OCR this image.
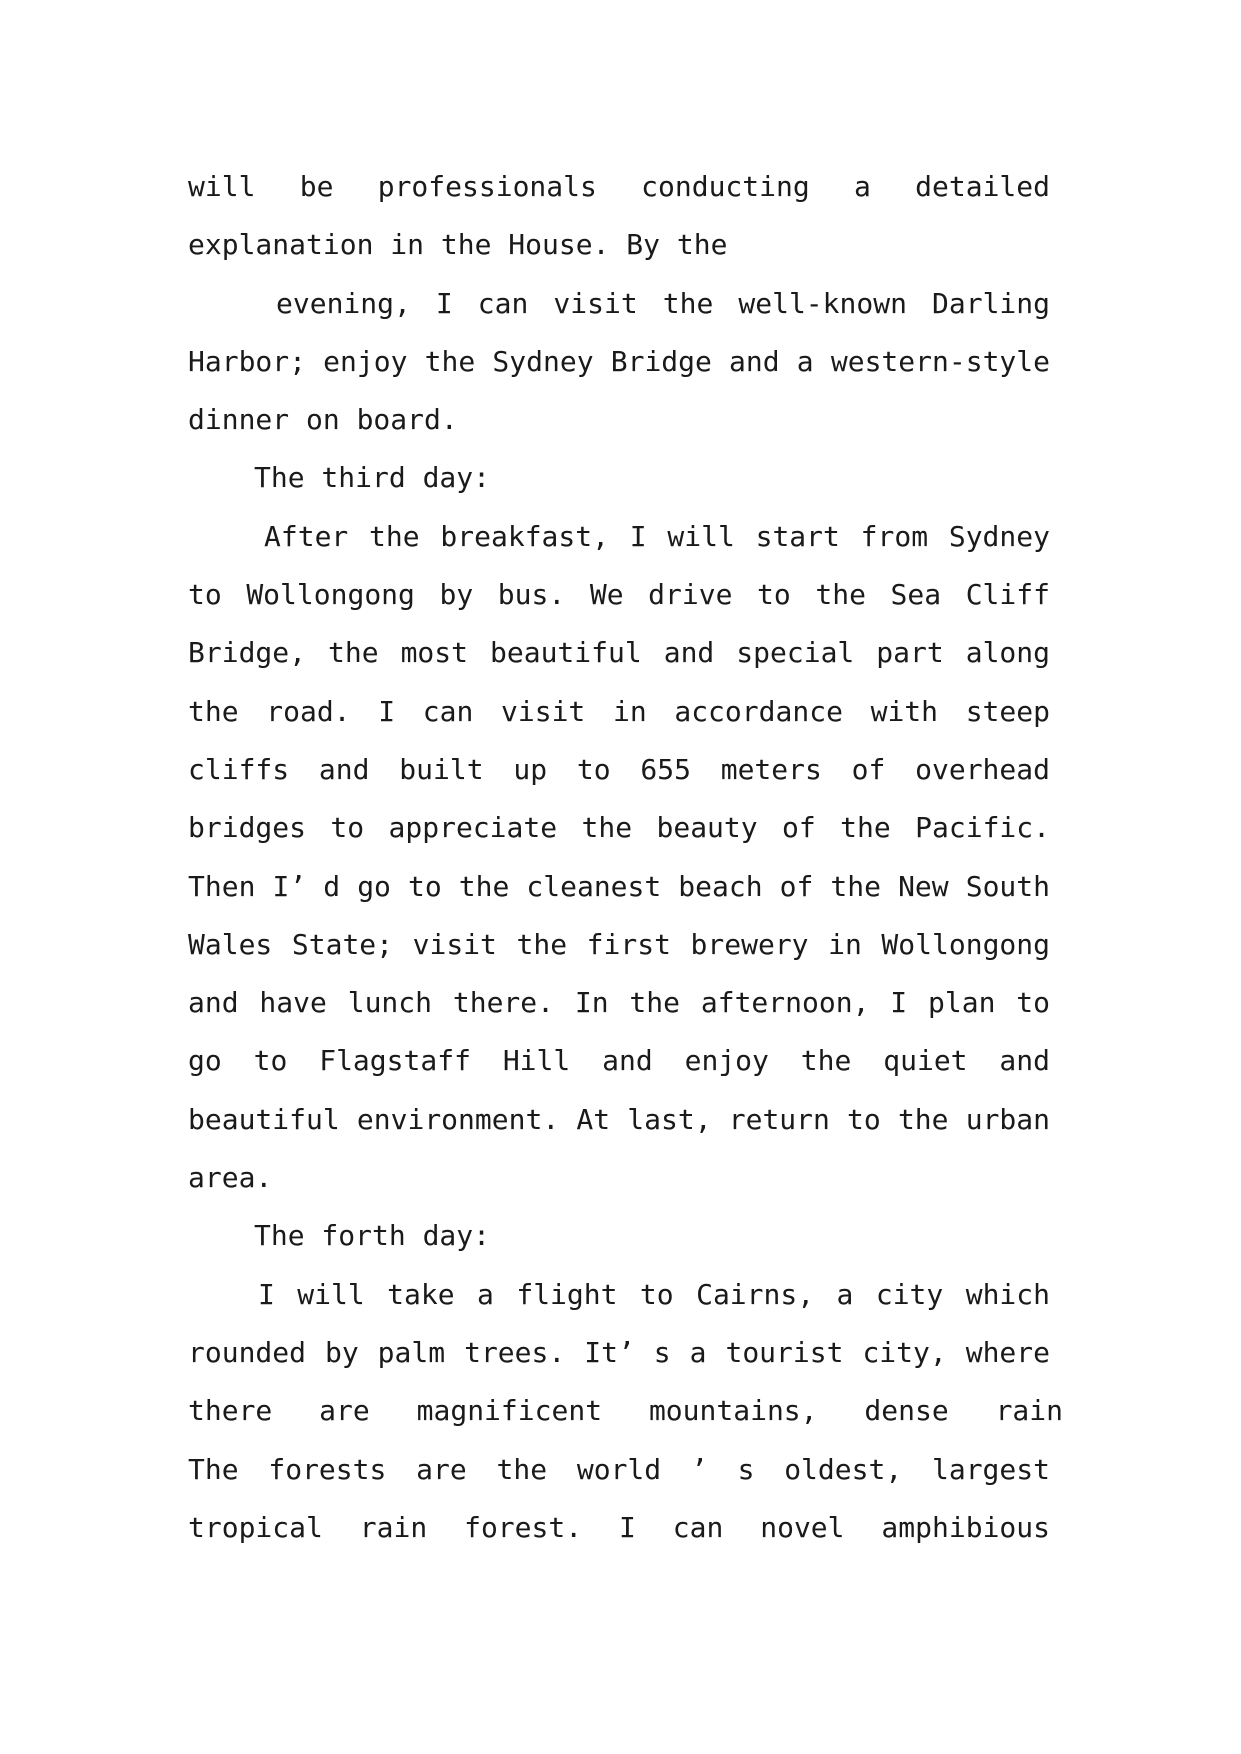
will be professionals conducting a detailed
explanation in the House. By the
evening, I can visit the well-known Darling
Harbor; enjoy the Sydney Bridge and a western-style
dinner on board.
The third day:
After the breakfast, I will start from Sydney
to Wollongong by bus. We drive to the Sea Cliff
Bridge, the most beautiful and special part along
the road. I can visit in accordance with steep
cliffs and built up to 655 meters of overhead
bridges to appreciate the beauty of the Pacific.
Then I’ d go to the cleanest beach of the New South
Wales State; visit the first brewery in Wollongong
and have lunch there. In the afternoon, I plan to
go to Flagstaff Hill and enjoy the quiet and
beautiful environment. At last, return to the urban
area.
The forth day:
I will take a flight to Cairns, a city which
rounded by palm trees. It’ s a tourist city, where
there are magnificent mountains, dense rain
The forests are the world ’ s oldest, largest
tropical rain forest. I can novel amphibious
